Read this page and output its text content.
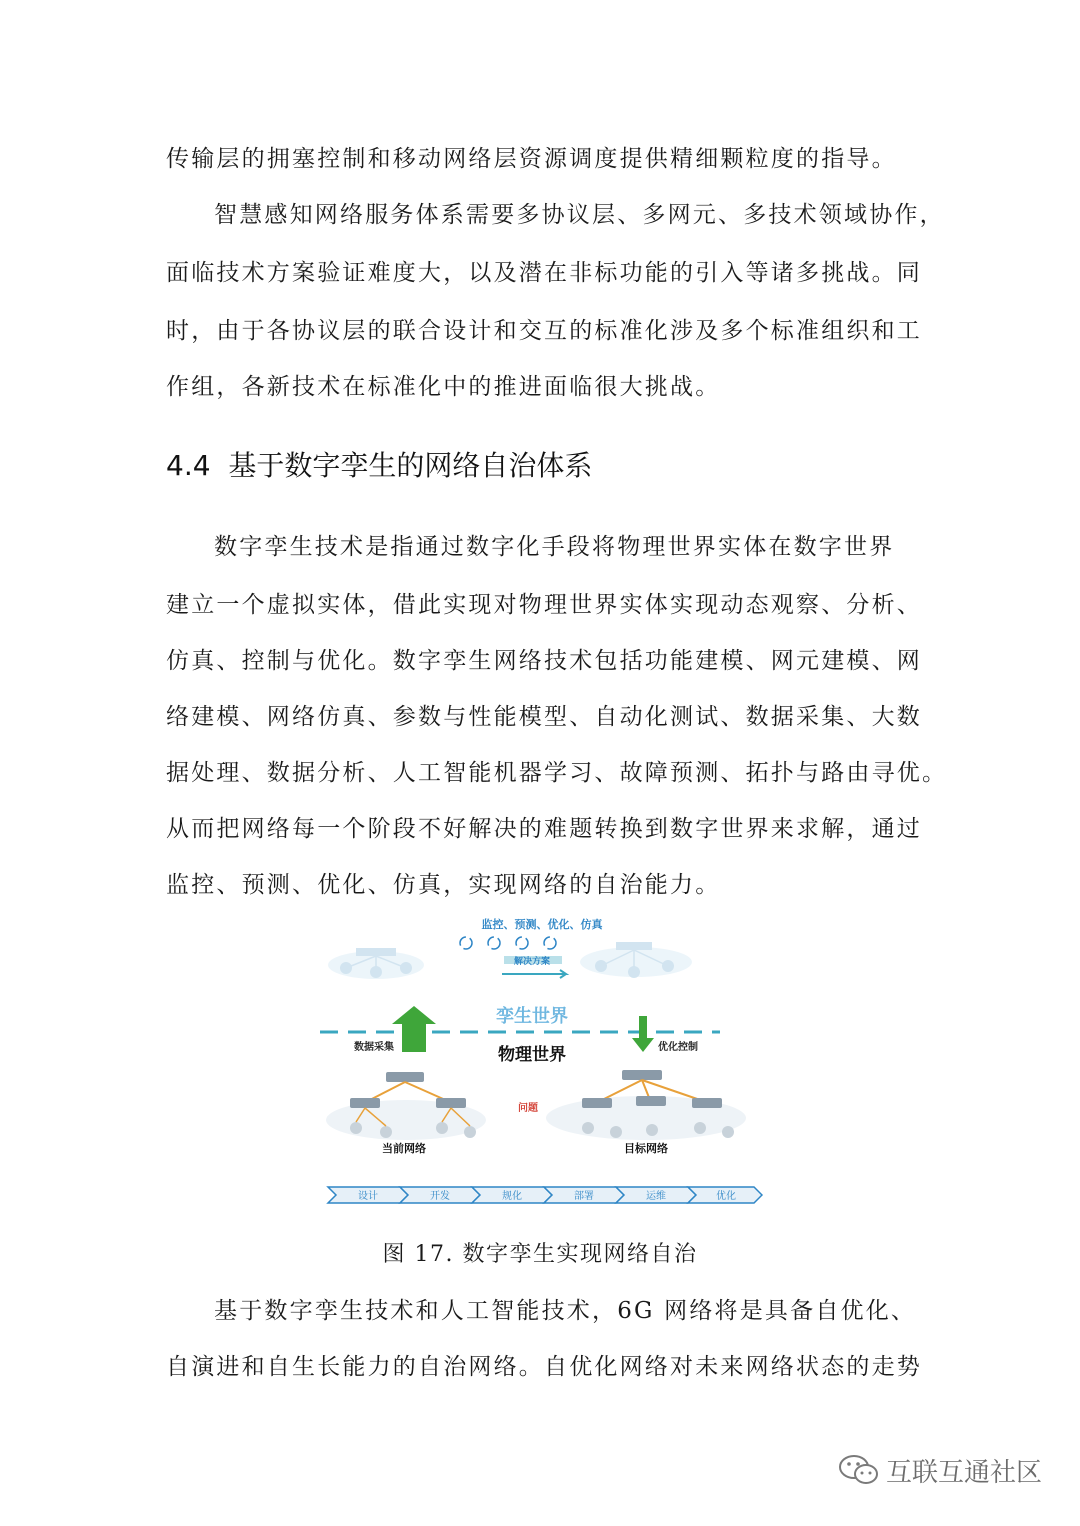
传输层的拥塞控制和移动网络层资源调度提供精细颗粒度的指导。
智慧感知网络服务体系需要多协议层、多网元、多技术领域协作，
面临技术方案验证难度大，以及潜在非标功能的引入等诸多挑战。同
时，由于各协议层的联合设计和交互的标准化涉及多个标准组织和工
作组，各新技术在标准化中的推进面临很大挑战。
4.4 基于数字孪生的网络自治体系
数字孪生技术是指通过数字化手段将物理世界实体在数字世界
建立一个虚拟实体，借此实现对物理世界实体实现动态观察、分析、
仿真、控制与优化。数字孪生网络技术包括功能建模、网元建模、网
络建模、网络仿真、参数与性能模型、自动化测试、数据采集、大数
据处理、数据分析、人工智能机器学习、故障预测、拓扑与路由寻优。
从而把网络每一个阶段不好解决的难题转换到数字世界来求解，通过
监控、预测、优化、仿真，实现网络的自治能力。
监控、预测、优化、仿真
解决方案
孪生世界
数据采集	优化控制
物理世界
当前网络
问题
目标网络
设计	开发	规化	部署	运维	优化
图 17. 数字孪生实现网络自治
基于数字孪生技术和人工智能技术，6G 网络将是具备自优化、
自演进和自生长能力的自治网络。自优化网络对未来网络状态的走势
互联互通社区
